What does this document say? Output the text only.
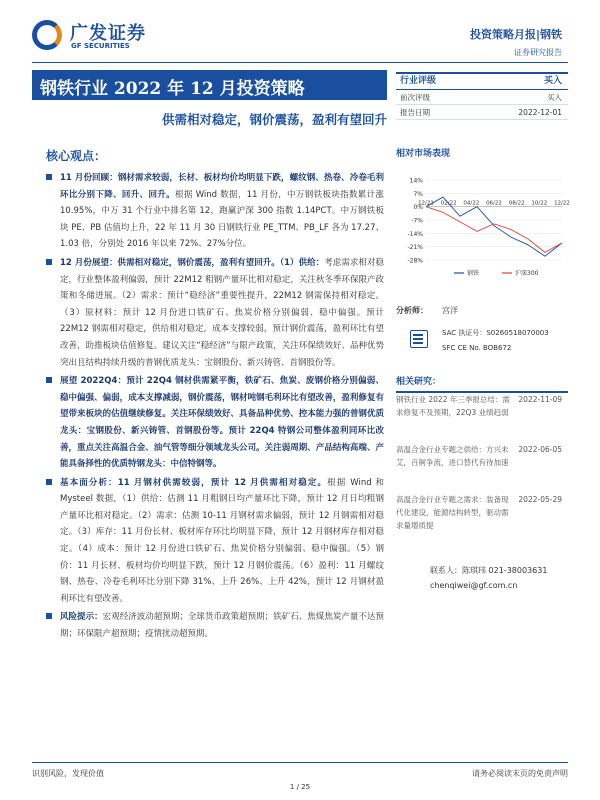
广发证券
GF SECURITIES
投资策略月报|钢铁
证券研究报告
钢铁行业 2022 年 12 月投资策略
供需相对稳定，钢价震荡，盈利有望回升
核心观点：
11 月份回顾：钢材需求较弱，长材、板材均价均明显下跌，螺纹钢、热卷、冷卷毛利环比分别下降、回升、回升。根据 Wind 数据，11 月份，中万钢铁板块指数累计涨 10.95%，中万 31 个行业中排名第 12，跑赢沪深 300 指数 1.14PCT。中万钢铁板块 PE、PB 估值均上升，22 年 11 月 30 日钢铁行业 PE_TTM、PB_LF 各为 17.27、1.03 倍，分别处 2016 年以来 72%、27%分位。
12 月份展望：供需相对稳定，钢价震荡，盈利有望回升。（1）供给：考虑需求相对稳定，行业整体盈利偏弱，预计 22M12 粗钢产量环比相对稳定，关注秋冬季环保限产政策和冬储进展。（2）需求：预计“稳经济”重要性提升，22M12 钢需保持相对稳定。（3）原材料：预计 12 月份进口铁矿石、焦炭价格分别偏弱、稳中偏强。预计 22M12 钢需相对稳定，供给相对稳定，成本支撑较弱，预计钢价震荡，盈利环比有望改善，助推板块估值修复。建议关注“稳经济”与限产政策，关注环保绩效好、品种优势突出且结构持续升级的普钢优质龙头：宝钢股份、新兴铸管、首钢股份等。
展望 2022Q4：预计 22Q4 钢材供需紧平衡，铁矿石、焦炭、废钢价格分别偏弱、稳中偏强、偏弱，成本支撑减弱，钢价震荡，钢材吨钢毛利环比有望改善，盈利修复有望带来板块的估值继续修复。关注环保绩效好、具备品种优势、控本能力强的普钢优质龙头：宝钢股份、新兴铸管、首钢股份等。预计 22Q4 特钢公司整体盈利同环比改善，重点关注高温合金、油气管等细分领域龙头公司。关注弱周期、产品结构高端、产能具备择性的优质特钢龙头：中信特钢等。
基本面分析：11 月钢材供需较弱，预计 12 月供需相对稳定。根据 Wind 和 Mysteel 数据，（1）供给：估测 11 月粗钢日均产量环比下降，预计 12 月日均粗钢产量环比相对稳定。（2）需求：估测 10-11 月钢材需求偏弱，预计 12 月钢需相对稳定。（3）库存：11 月份长材、板材库存环比均明显下降，预计 12 月钢材库存相对稳定。（4）成本：预计 12 月份进口铁矿石、焦炭价格分别偏弱、稳中偏强。（5）钢价：11 月长材、板材均价均明显下跌，预计 12 月钢价震荡。（6）盈利：11 月螺纹钢、热卷、冷卷毛利环比分别下降 31%、上升 26%、上升 42%，预计 12 月钢材盈利环比有望改善。
风险提示：宏观经济波动超预期；全球货币政策超预期；铁矿石、焦煤焦炭产量不达预期；环保限产超预期；疫情扰动超预期。
行业评级	买入
前次评级	买入
报告日期	2022-12-01
相对市场表现
14%
7%
0%
-7%
-14%
-21%
-28%
12/21 02/22 04/22 06/22 08/22 10/22 12/22
钢铁	沪深300
分析师： 宫洋
SAC 执证号：S0260518070003
SFC CE No. BOB672
相关研究：
钢铁行业 2022 年三季报总结：需求修复不及预期，22Q3 业绩趋弱
2022-11-09
高温合金行业专题之供给：方兴未艾，百舸争流，进口替代有待加速
2022-06-05
高温合金行业专题之需求：装备现代化建设，能源结构转型，驱动需求量增质提
2022-05-29
联系人：陈琪玮 021-38003631
chenqiwei@gf.com.cn
识别风险，发现价值	请务必阅读末页的免责声明
1 / 25
